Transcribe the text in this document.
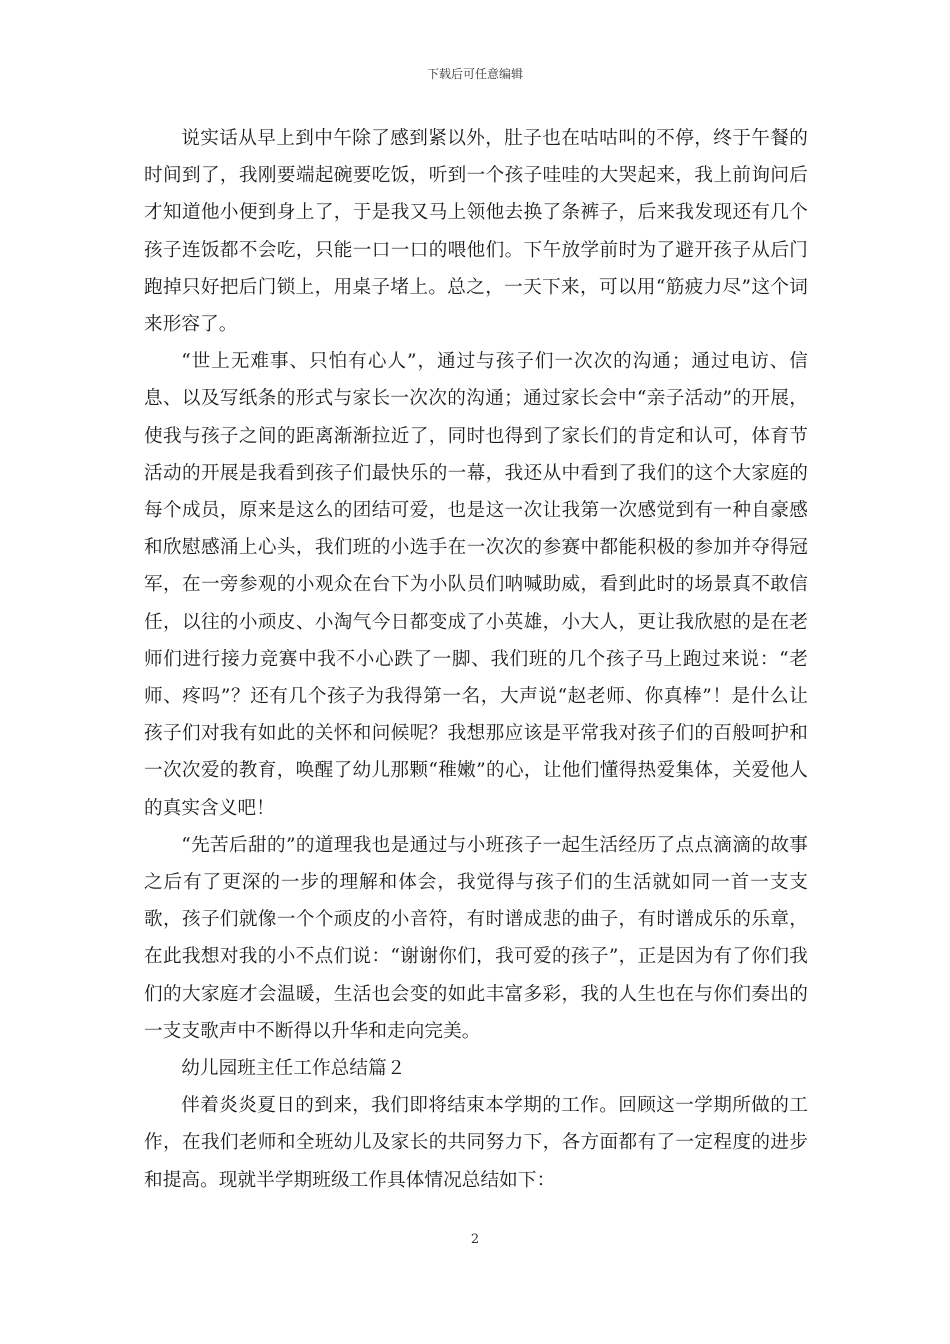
下载后可任意编辑

说实话从早上到中午除了感到紧以外，肚子也在咕咕叫的不停，终于午餐的时间到了，我刚要端起碗要吃饭，听到一个孩子哇哇的大哭起来，我上前询问后才知道他小便到身上了，于是我又马上领他去换了条裤子，后来我发现还有几个孩子连饭都不会吃，只能一口一口的喂他们。下午放学前时为了避开孩子从后门跑掉只好把后门锁上，用桌子堵上。总之，一天下来，可以用“筋疲力尽”这个词来形容了。

“世上无难事、只怕有心人”，通过与孩子们一次次的沟通；通过电访、信息、以及写纸条的形式与家长一次次的沟通；通过家长会中“亲子活动”的开展，使我与孩子之间的距离渐渐拉近了，同时也得到了家长们的肯定和认可，体育节活动的开展是我看到孩子们最快乐的一幕，我还从中看到了我们的这个大家庭的每个成员，原来是这么的团结可爱，也是这一次让我第一次感觉到有一种自豪感和欣慰感涌上心头，我们班的小选手在一次次的参赛中都能积极的参加并夺得冠军，在一旁参观的小观众在台下为小队员们呐喊助威，看到此时的场景真不敢信任，以往的小顽皮、小淘气今日都变成了小英雄，小大人，更让我欣慰的是在老师们进行接力竞赛中我不小心跌了一脚、我们班的几个孩子马上跑过来说：“老师、疼吗”？还有几个孩子为我得第一名，大声说“赵老师、你真棒”！是什么让孩子们对我有如此的关怀和问候呢？我想那应该是平常我对孩子们的百般呵护和一次次爱的教育，唤醒了幼儿那颗“稚嫩”的心，让他们懂得热爱集体，关爱他人的真实含义吧！

“先苦后甜的”的道理我也是通过与小班孩子一起生活经历了点点滴滴的故事之后有了更深的一步的理解和体会，我觉得与孩子们的生活就如同一首一支支歌，孩子们就像一个个顽皮的小音符，有时谱成悲的曲子，有时谱成乐的乐章，在此我想对我的小不点们说：“谢谢你们，我可爱的孩子”，正是因为有了你们我们的大家庭才会温暖，生活也会变的如此丰富多彩，我的人生也在与你们奏出的一支支歌声中不断得以升华和走向完美。

幼儿园班主任工作总结篇２

伴着炎炎夏日的到来，我们即将结束本学期的工作。回顾这一学期所做的工作，在我们老师和全班幼儿及家长的共同努力下，各方面都有了一定程度的进步和提高。现就半学期班级工作具体情况总结如下：

2
